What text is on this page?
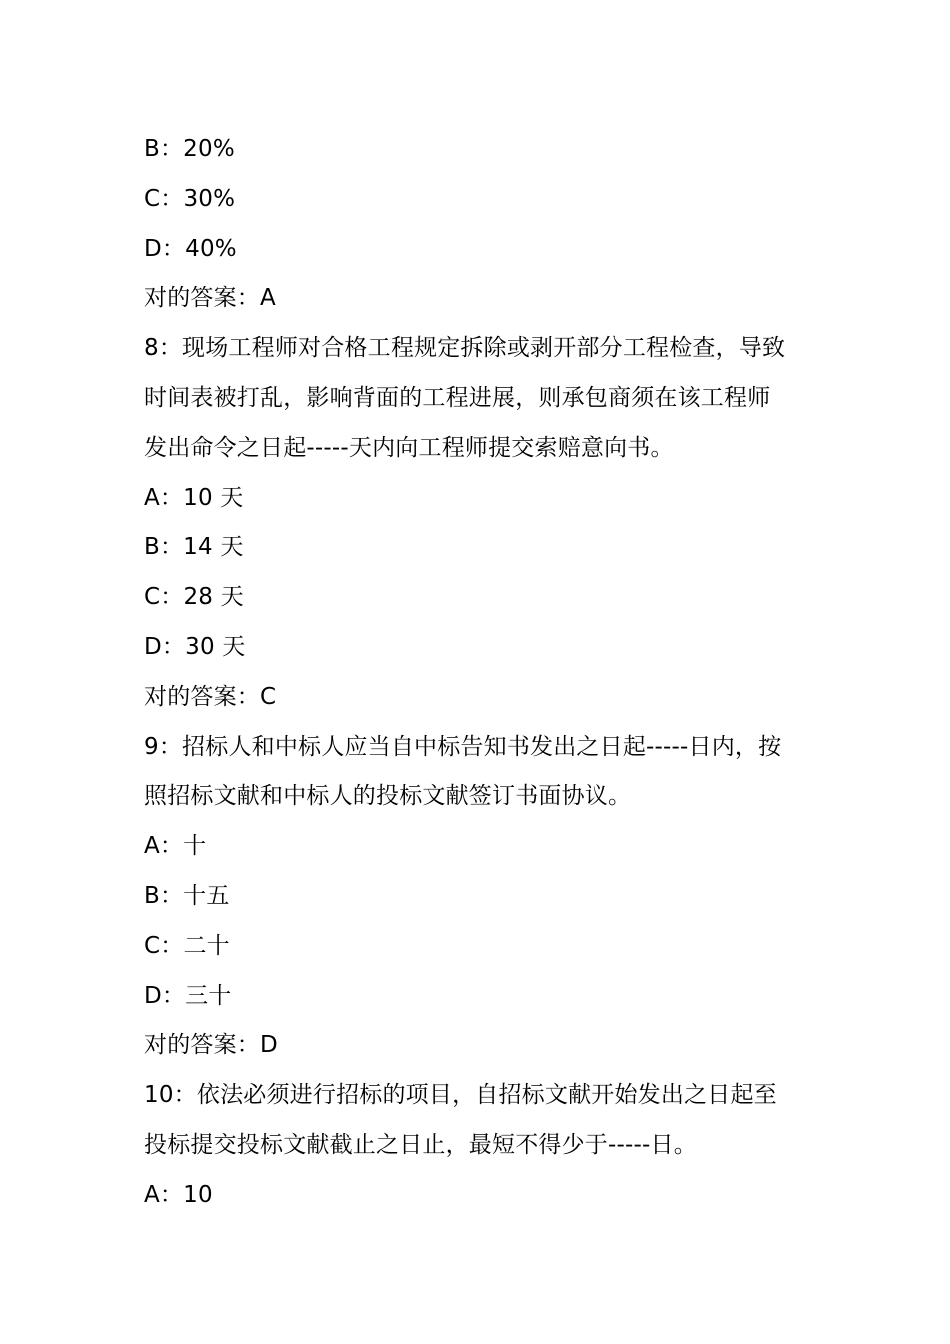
B：20%
C：30%
D：40%
对的答案：A
8：现场工程师对合格工程规定拆除或剥开部分工程检查，导致
时间表被打乱，影响背面的工程进展，则承包商须在该工程师
发出命令之日起-----天内向工程师提交索赔意向书。
A：10 天
B：14 天
C：28 天
D：30 天
对的答案：C
9：招标人和中标人应当自中标告知书发出之日起-----日内，按
照招标文献和中标人的投标文献签订书面协议。
A：十
B：十五
C：二十
D：三十
对的答案：D
10：依法必须进行招标的项目，自招标文献开始发出之日起至
投标提交投标文献截止之日止，最短不得少于-----日。
A：10
